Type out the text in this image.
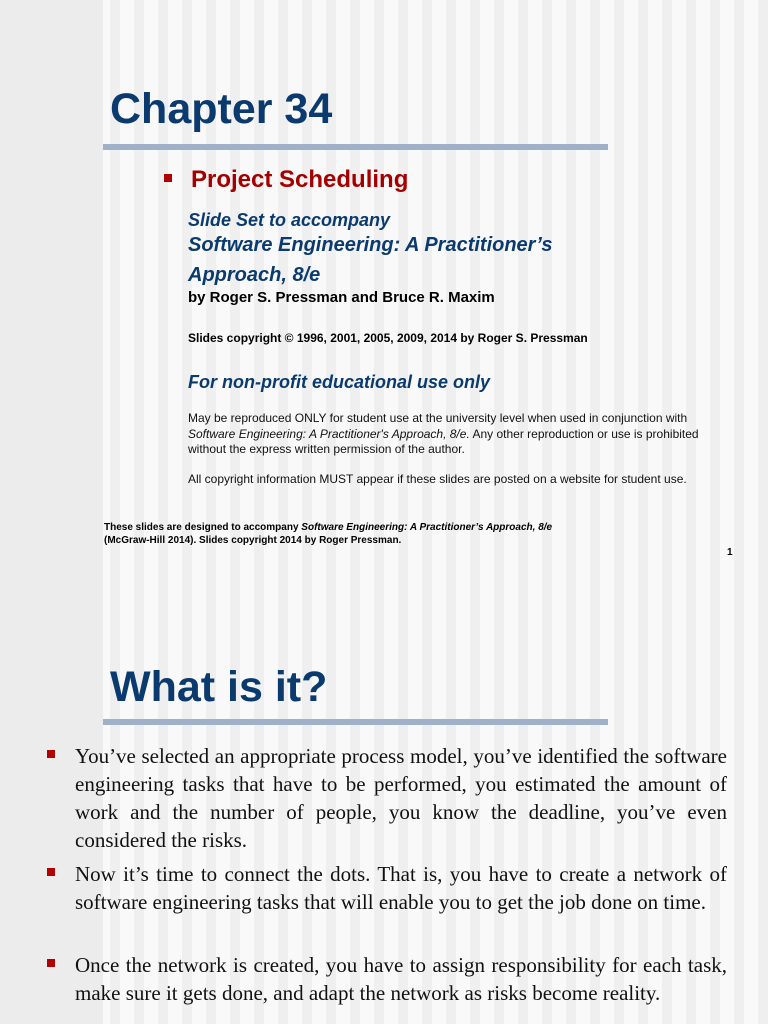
Chapter 34

Project Scheduling

Slide Set to accompany

Software Engineering: A Practitioner’s

Approach, 8/e

by Roger S. Pressman and Bruce R. Maxim

Slides copyright © 1996, 2001, 2005, 2009, 2014 by Roger S. Pressman

For non-profit educational use only

May be reproduced ONLY for student use at the university level when used in conjunction with Software Engineering: A Practitioner's Approach, 8/e. Any other reproduction or use is prohibited without the express written permission of the author.

All copyright information MUST appear if these slides are posted on a website for student use.

These slides are designed to accompany Software Engineering: A Practitioner’s Approach, 8/e (McGraw-Hill 2014). Slides copyright 2014 by Roger Pressman.

1

What is it?

You’ve selected an appropriate process model, you’ve identified the software engineering tasks that have to be performed, you estimated the amount of work and the number of people, you know the deadline, you’ve even considered the risks.

Now it’s time to connect the dots. That is, you have to create a network of software engineering tasks that will enable you to get the job done on time.

Once the network is created, you have to assign responsibility for each task, make sure it gets done, and adapt the network as risks become reality.
